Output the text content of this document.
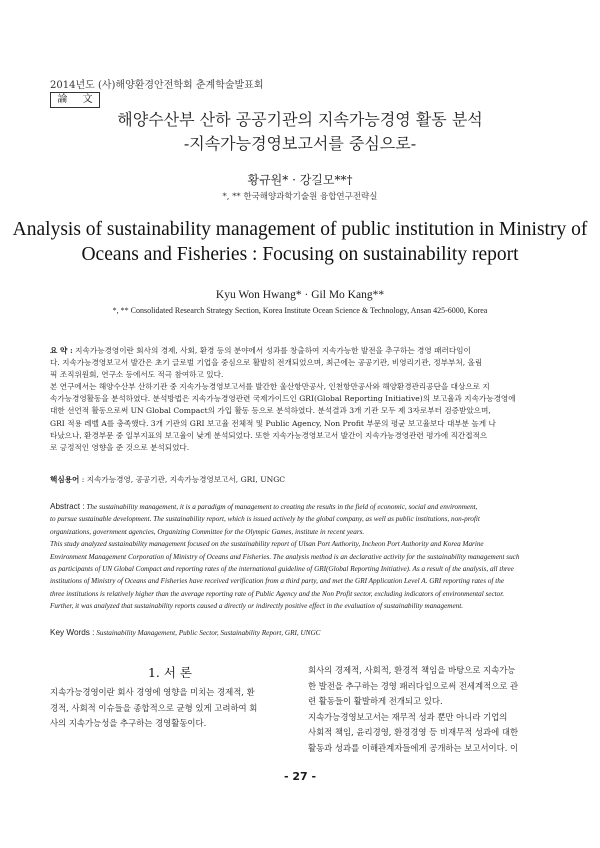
2014년도 (사)해양환경안전학회 춘계학술발표회
論 文
해양수산부 산하 공공기관의 지속가능경영 활동 분석
-지속가능경영보고서를 중심으로-
황규원* · 강길모**†
*, ** 한국해양과학기술원 융합연구전략실
Analysis of sustainability management of public institution in Ministry of
Oceans and Fisheries : Focusing on sustainability report
Kyu Won Hwang* · Gil Mo Kang**
*, ** Consolidated Research Strategy Section, Korea Institute Ocean Science & Technology, Ansan 425-6000, Korea
요 약 : 지속가능경영이란 회사의 경제, 사회, 환경 등의 분야에서 성과를 창출하여 지속가능한 발전을 추구하는 경영 패러다임이
다. 지속가능경영보고서 발간은 초기 글로벌 기업을 중심으로 활발히 전개되었으며, 최근에는 공공기관, 비영리기관, 정부부처, 올림
픽 조직위원회, 연구소 등에서도 적극 참여하고 있다.
본 연구에서는 해양수산부 산하기관 중 지속가능경영보고서를 발간한 울산항만공사, 인천항만공사와 해양환경관리공단을 대상으로 지
속가능경영활동을 분석하였다. 분석방법은 지속가능경영관련 국제가이드인 GRI(Global Reporting Initiative)의 보고율과 지속가능경영에
대한 선언적 활동으로써 UN Global Compact의 가입 활동 등으로 분석하였다. 분석결과 3개 기관 모두 제 3자로부터 검증받았으며,
GRI 적용 레벨 A를 충족했다. 3개 기관의 GRI 보고율 전체적 및 Public Agency, Non Profit 부문의 평균 보고율보다 대부분 높게 나
타났으나, 환경부문 중 일부지표의 보고율이 낮게 분석되었다. 또한 지속가능경영보고서 발간이 지속가능경영관련 평가에 직간접적으
로 긍정적인 영향을 준 것으로 분석되었다.
핵심용어 : 지속가능경영, 공공기관, 지속가능경영보고서, GRI, UNGC
Abstract : The sustainability management, it is a paradigm of management to creating the results in the field of economic, social and environment,
to pursue sustainable development. The sustainability report, which is issued actively by the global company, as well as public institutions, non-profit
organizations, government agencies, Organizing Committee for the Olympic Games, institute in recent years.
This study analyzed sustainability management focused on the sustainability report of Ulsan Port Authority, Incheon Port Authority and Korea Marine
Environment Management Corporation of Ministry of Oceans and Fisheries. The analysis method is an declarative activity for the sustainability management such
as participants of UN Global Compact and reporting rates of the international guideline of GRI(Global Reporting Initiative). As a result of the analysis, all three
institutions of Ministry of Oceans and Fisheries have received verification from a third party, and met the GRI Application Level A. GRI reporting rates of the
three institutions is relatively higher than the average reporting rate of Public Agency and the Non Profit sector, excluding indicators of environmental sector.
Further, it was analyzed that sustainability reports caused a directly or indirectly positive effect in the evaluation of sustainability management.
Key Words : Sustainability Management, Public Sector, Sustainability Report, GRI, UNGC
1. 서 론
지속가능경영이란 회사 경영에 영향을 미치는 경제적, 환
경적, 사회적 이슈들을 종합적으로 균형 있게 고려하여 회
사의 지속가능성을 추구하는 경영활동이다.
회사의 경제적, 사회적, 환경적 책임을 바탕으로 지속가능
한 발전을 추구하는 경영 패러다임으로써 전세계적으로 관
련 활동들이 활발하게 전개되고 있다.
지속가능경영보고서는 재무적 성과 뿐만 아니라 기업의
사회적 책임, 윤리경영, 환경경영 등 비재무적 성과에 대한
활동과 성과를 이해관계자들에게 공개하는 보고서이다. 이
- 27 -
